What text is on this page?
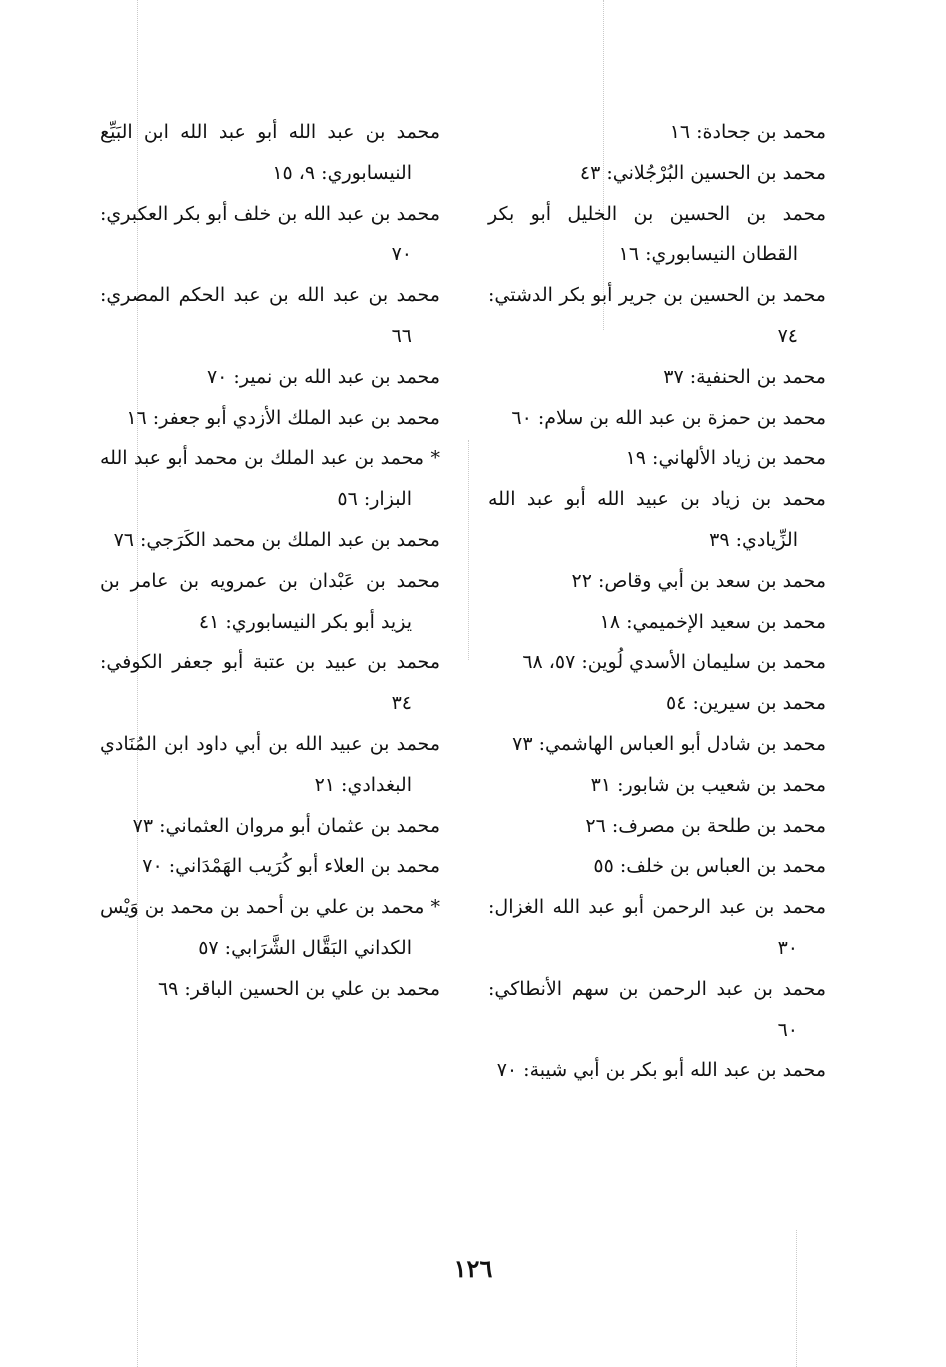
محمد بن جحادة: ١٦

محمد بن الحسين البُرْجُلاني: ٤٣

محمد بن الحسين بن الخليل أبو بكر القطان النيسابوري: ١٦

محمد بن الحسين بن جرير أبو بكر الدشتي: ٧٤

محمد بن الحنفية: ٣٧

محمد بن حمزة بن عبد الله بن سلام: ٦٠

محمد بن زياد الألهاني: ١٩

محمد بن زياد بن عبيد الله أبو عبد الله الزِّيادي: ٣٩

محمد بن سعد بن أبي وقاص: ٢٢

محمد بن سعيد الإخميمي: ١٨

محمد بن سليمان الأسدي لُوين: ٥٧، ٦٨

محمد بن سيرين: ٥٤

محمد بن شادل أبو العباس الهاشمي: ٧٣

محمد بن شعيب بن شابور: ٣١

محمد بن طلحة بن مصرف: ٢٦

محمد بن العباس بن خلف: ٥٥

محمد بن عبد الرحمن أبو عبد الله الغزال: ٣٠

محمد بن عبد الرحمن بن سهم الأنطاكي: ٦٠

محمد بن عبد الله أبو بكر بن أبي شيبة: ٧٠

محمد بن عبد الله أبو عبد الله ابن البَيِّع النيسابوري: ٩، ١٥

محمد بن عبد الله بن خلف أبو بكر العكبري: ٧٠

محمد بن عبد الله بن عبد الحكم المصري: ٦٦

محمد بن عبد الله بن نمير: ٧٠

محمد بن عبد الملك الأزدي أبو جعفر: ١٦

* محمد بن عبد الملك بن محمد أبو عبد الله البزار: ٥٦

محمد بن عبد الملك بن محمد الكَرَجي: ٧٦

محمد بن عَبْدان بن عمرويه بن عامر بن يزيد أبو بكر النيسابوري: ٤١

محمد بن عبيد بن عتبة أبو جعفر الكوفي: ٣٤

محمد بن عبيد الله بن أبي داود ابن المُنَادي البغدادي: ٢١

محمد بن عثمان أبو مروان العثماني: ٧٣

محمد بن العلاء أبو كُرَيب الهَمْدَاني: ٧٠

* محمد بن علي بن أحمد بن محمد بن وَيْس الكداني البَقَّال الشَّرَابي: ٥٧

محمد بن علي بن الحسين الباقر: ٦٩

١٢٦
